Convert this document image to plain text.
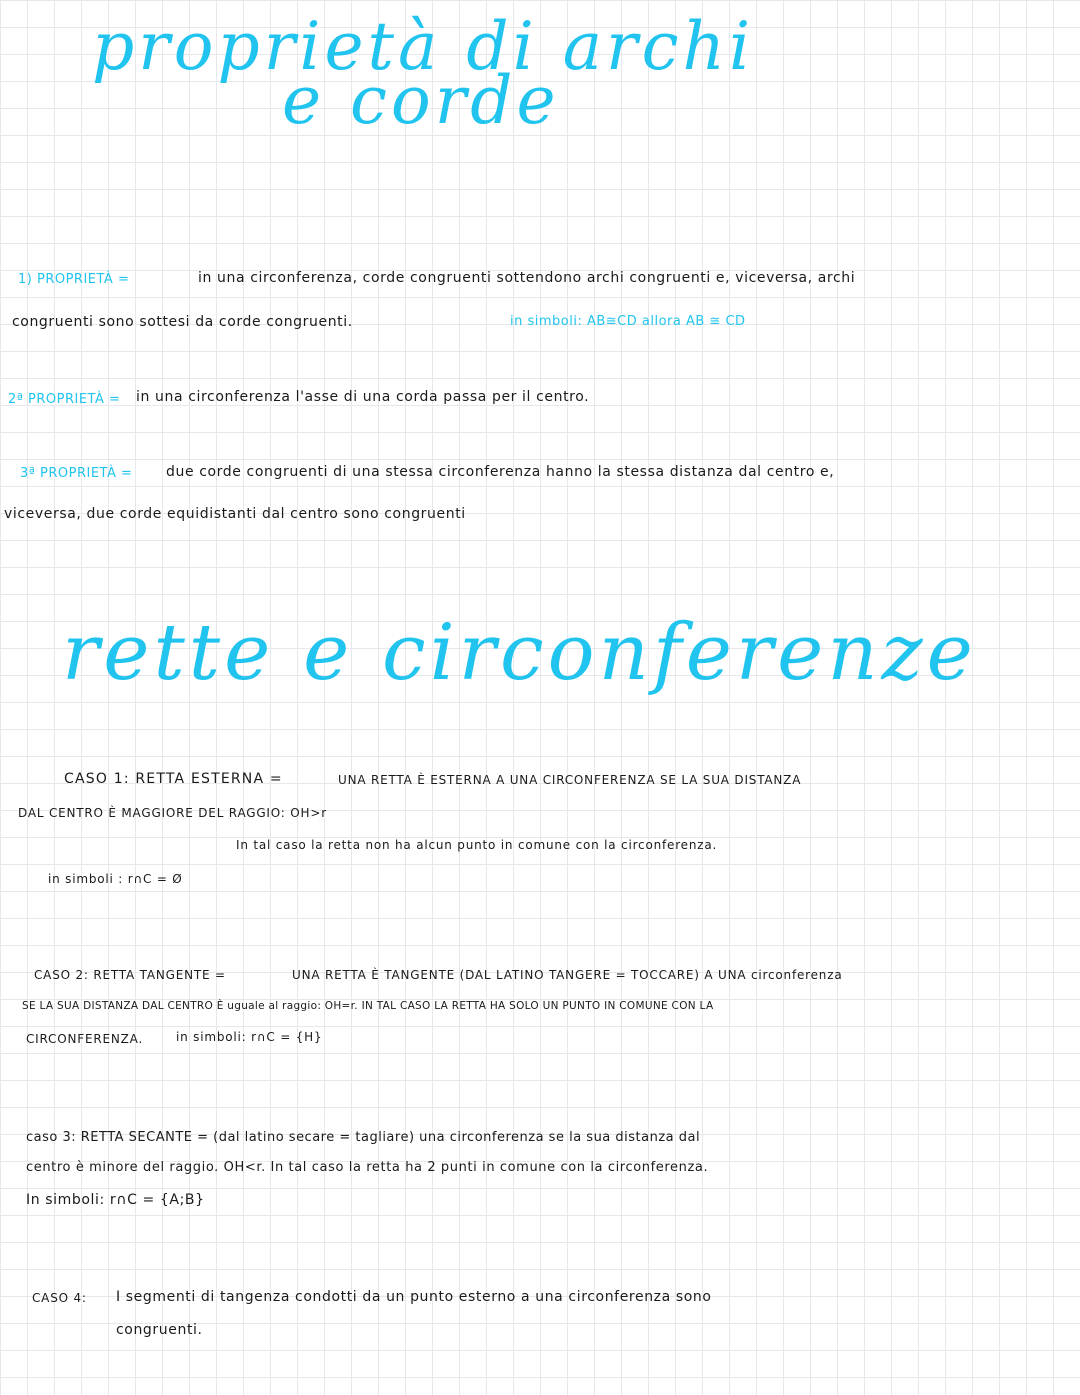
proprietà di archi
e corde
1) PROPRIETÀ =	in una circonferenza, corde congruenti sottendono archi congruenti e, viceversa, archi
congruenti sono sottesi da corde congruenti.	in simboli: AB≅CD allora AB ≅ CD
2ª PROPRIETÀ = in una circonferenza l'asse di una corda passa per il centro.
3ª PROPRIETÀ = due corde congruenti di una stessa circonferenza hanno la stessa distanza dal centro e,
viceversa, due corde equidistanti dal centro sono congruenti
rette e circonferenze
CASO 1: RETTA ESTERNA =	UNA RETTA È ESTERNA A UNA CIRCONFERENZA SE LA SUA DISTANZA
DAL CENTRO È MAGGIORE DEL RAGGIO: OH>r
In tal caso la retta non ha alcun punto in comune con la circonferenza.
in simboli : r∩C = Ø
CASO 2: RETTA TANGENTE =	UNA RETTA È TANGENTE (DAL LATINO TANGERE = TOCCARE) A UNA circonferenza
SE LA SUA DISTANZA DAL CENTRO È uguale al raggio: OH=r. IN TAL CASO LA RETTA HA SOLO UN PUNTO IN COMUNE CON LA
CIRCONFERENZA.	in simboli: r∩C = {H}
caso 3: RETTA SECANTE = (dal latino secare = tagliare) una circonferenza se la sua distanza dal
centro è minore del raggio. OH<r. In tal caso la retta ha 2 punti in comune con la circonferenza.
In simboli: r∩C = {A;B}
CASO 4: I segmenti di tangenza condotti da un punto esterno a una circonferenza sono
congruenti.
